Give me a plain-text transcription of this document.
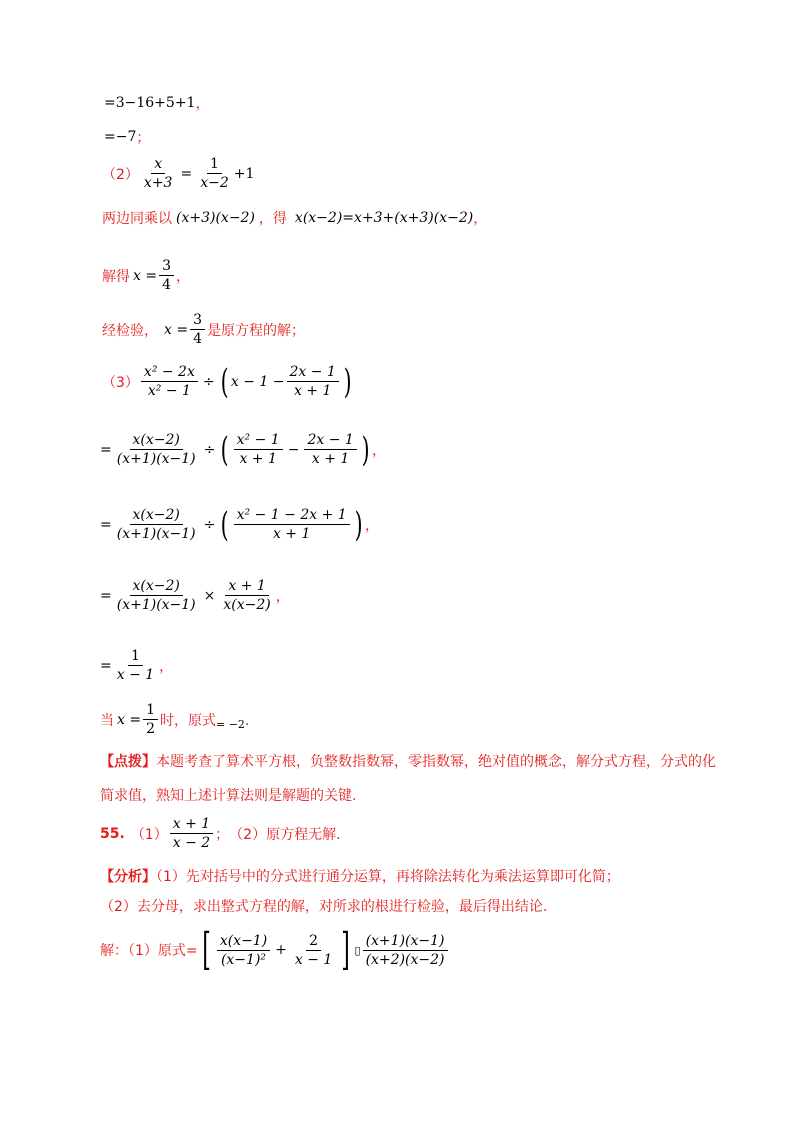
=3−16+5+1 ，
=−7 ；
$(2) \frac{x}{x+3} = \frac{1}{x-2} +1$
两边同乘以 (x+3)(x−2) ，得 x(x−2)=x+3+(x+3)(x−2) ，
解得 $x = \frac{3}{4}$ ，
经检验， $x = \frac{3}{4}$ 是原方程的解；
$(3) \frac{\text{x² − 2x}}{\text{x² − 1}}$ ÷ ( $x - 1 - \frac{2x - 1}{x + 1}$ )
= $\frac{x(x-2)}{(x+1)(x-1)}$ ÷ ( $\frac{\text{x² − 1}}{x + 1} - \frac{2x - 1}{x + 1}$ ) ，
= $\frac{x(x-2)}{(x+1)(x-1)}$ ÷ ( $\frac{\text{x² − 1 − 2x + 1}}{x + 1}$ ) ，
= $\frac{x(x-2)}{(x+1)(x-1)} \times \frac{x + 1}{x(x-2)}$ ，
= $\frac{1}{x - 1}$ ，
当 $x = \frac{1}{2}$ 时，原式 = −2 ．
【点拨】本题考查了算术平方根，负整数指数幂，零指数幂，绝对值的概念，解分式方程，分式的化
简求值，熟知上述计算法则是解题的关键.
55. $(1) \frac{x + 1}{x - 2}$ ； （2）原方程无解.
【分析】（1）先对括号中的分式进行通分运算，再将除法转化为乘法运算即可化简；
（2）去分母，求出整式方程的解，对所求的根进行检验，最后得出结论.
解：（1）原式= [ $\frac{x(x-1)}{\text{(x−1)²}} + \frac{2}{x - 1}$ ] ▯ $\frac{(x+1)(x-1)}{(x+2)(x-2)}$
